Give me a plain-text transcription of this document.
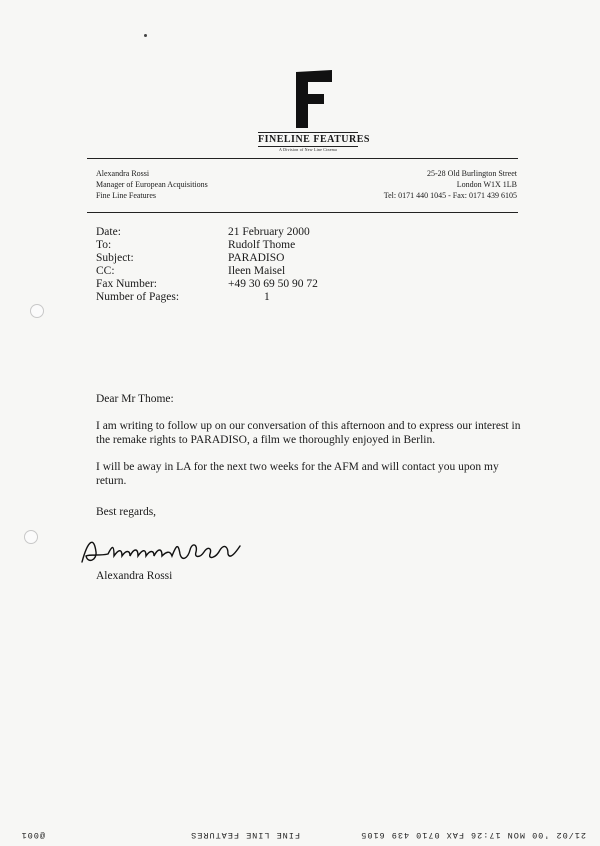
FINELINE FEATURES
A Division of New Line Cinema
Alexandra Rossi
Manager of European Acquisitions
Fine Line Features
25-28 Old Burlington Street
London W1X 1LB
Tel: 0171 440 1045 - Fax: 0171 439 6105
Date:	21 February 2000
To:	Rudolf Thome
Subject:	PARADISO
CC:	Ileen Maisel
Fax Number:	+49 30 69 50 90 72
Number of Pages:	1

Dear Mr Thome:

I am writing to follow up on our conversation of this afternoon and to express our interest in the remake rights to PARADISO, a film we thoroughly enjoyed in Berlin.

I will be away in LA for the next two weeks for the AFM and will contact you upon my return.

Best regards,

Alexandra Rossi
21/02 '00 MON 17:26 FAX 0710 439 6105
FINE LINE FEATURES
@001
